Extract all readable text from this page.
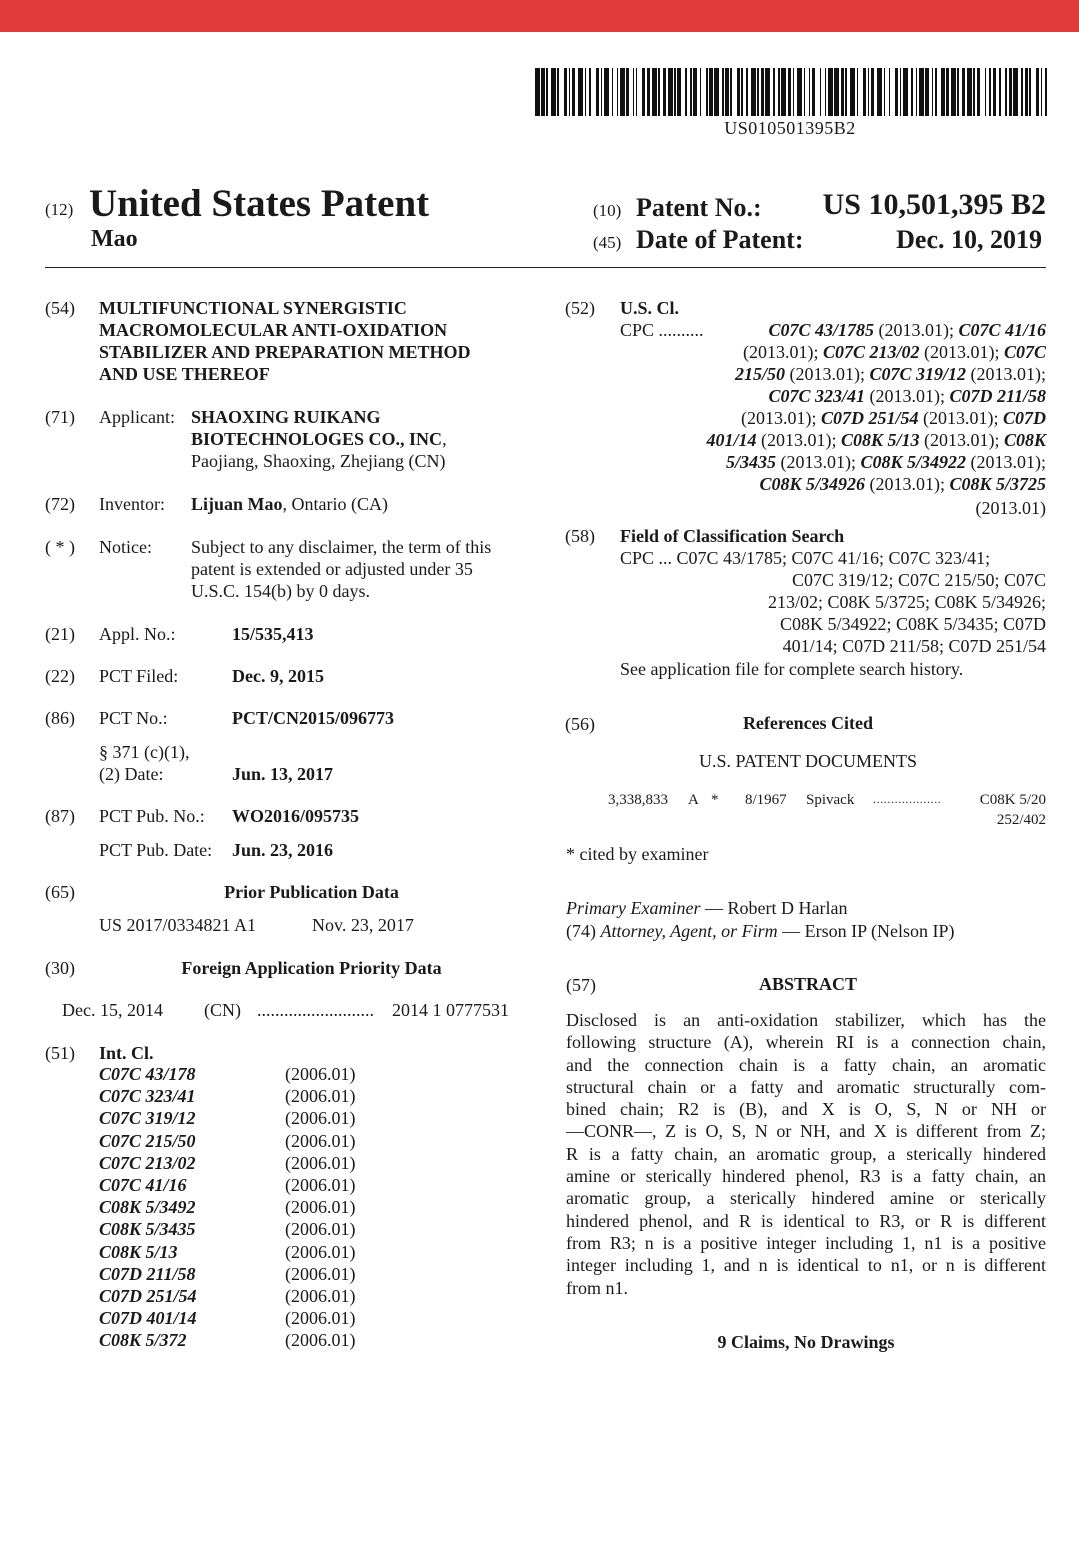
US010501395B2
(12) United States Patent
Mao
(10) Patent No.:	US 10,501,395 B2
(45) Date of Patent:	Dec. 10, 2019
(54) MULTIFUNCTIONAL SYNERGISTIC
MACROMOLECULAR ANTI-OXIDATION
STABILIZER AND PREPARATION METHOD
AND USE THEREOF
(71) Applicant: SHAOXING RUIKANG
BIOTECHNOLOGES CO., INC,
Paojiang, Shaoxing, Zhejiang (CN)
(72) Inventor: Lijuan Mao, Ontario (CA)
( * ) Notice: Subject to any disclaimer, the term of this
patent is extended or adjusted under 35
U.S.C. 154(b) by 0 days.
(21) Appl. No.:	15/535,413
(22) PCT Filed:	Dec. 9, 2015
(86) PCT No.:	PCT/CN2015/096773
§ 371 (c)(1),
(2) Date:	Jun. 13, 2017
(87) PCT Pub. No.: WO2016/095735
PCT Pub. Date: Jun. 23, 2016
(65)	Prior Publication Data
US 2017/0334821 A1	Nov. 23, 2017
(30)	Foreign Application Priority Data
Dec. 15, 2014 (CN) .......................... 2014 1 0777531
(51) Int. Cl.
C07C 43/178	(2006.01)
C07C 323/41	(2006.01)
C07C 319/12	(2006.01)
C07C 215/50	(2006.01)
C07C 213/02	(2006.01)
C07C 41/16	(2006.01)
C08K 5/3492	(2006.01)
C08K 5/3435	(2006.01)
C08K 5/13	(2006.01)
C07D 211/58	(2006.01)
C07D 251/54	(2006.01)
C07D 401/14	(2006.01)
C08K 5/372	(2006.01)
(52) U.S. Cl.
CPC ..........	C07C 43/1785 (2013.01); C07C 41/16
(2013.01); C07C 213/02 (2013.01); C07C
215/50 (2013.01); C07C 319/12 (2013.01);
C07C 323/41 (2013.01); C07D 211/58
(2013.01); C07D 251/54 (2013.01); C07D
401/14 (2013.01); C08K 5/13 (2013.01); C08K
5/3435 (2013.01); C08K 5/34922 (2013.01);
C08K 5/34926 (2013.01); C08K 5/3725
(2013.01)
(58) Field of Classification Search
CPC ... C07C 43/1785; C07C 41/16; C07C 323/41;
C07C 319/12; C07C 215/50; C07C
213/02; C08K 5/3725; C08K 5/34926;
C08K 5/34922; C08K 5/3435; C07D
401/14; C07D 211/58; C07D 251/54
See application file for complete search history.
(56)	References Cited
U.S. PATENT DOCUMENTS
3,338,833 A * 8/1967 Spivack ...................	C08K 5/20
252/402
* cited by examiner
Primary Examiner — Robert D Harlan
(74) Attorney, Agent, or Firm — Erson IP (Nelson IP)
(57)	ABSTRACT
Disclosed is an anti-oxidation stabilizer, which has the
following structure (A), wherein RI is a connection chain,
and the connection chain is a fatty chain, an aromatic
structural chain or a fatty and aromatic structurally com-
bined chain; R2 is (B), and X is O, S, N or NH or
—CONR—, Z is O, S, N or NH, and X is different from Z;
R is a fatty chain, an aromatic group, a sterically hindered
amine or sterically hindered phenol, R3 is a fatty chain, an
aromatic group, a sterically hindered amine or sterically
hindered phenol, and R is identical to R3, or R is different
from R3; n is a positive integer including 1, n1 is a positive
integer including 1, and n is identical to n1, or n is different
from n1.
9 Claims, No Drawings
